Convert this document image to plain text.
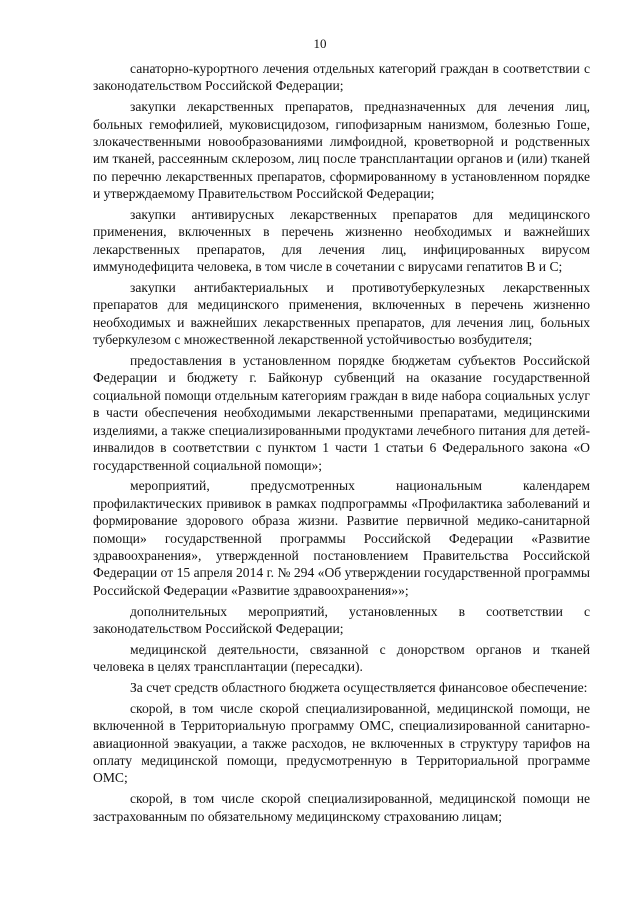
10

санаторно-курортного лечения отдельных категорий граждан в соответствии с законодательством Российской Федерации;

закупки лекарственных препаратов, предназначенных для лечения лиц, больных гемофилией, муковисцидозом, гипофизарным нанизмом, болезнью Гоше, злокачественными новообразованиями лимфоидной, кроветворной и родственных им тканей, рассеянным склерозом, лиц после трансплантации органов и (или) тканей по перечню лекарственных препаратов, сформированному в установленном порядке и утверждаемому Правительством Российской Федерации;

закупки антивирусных лекарственных препаратов для медицинского применения, включенных в перечень жизненно необходимых и важнейших лекарственных препаратов, для лечения лиц, инфицированных вирусом иммунодефицита человека, в том числе в сочетании с вирусами гепатитов B и C;

закупки антибактериальных и противотуберкулезных лекарственных препаратов для медицинского применения, включенных в перечень жизненно необходимых и важнейших лекарственных препаратов, для лечения лиц, больных туберкулезом с множественной лекарственной устойчивостью возбудителя;

предоставления в установленном порядке бюджетам субъектов Российской Федерации и бюджету г. Байконур субвенций на оказание государственной социальной помощи отдельным категориям граждан в виде набора социальных услуг в части обеспечения необходимыми лекарственными препаратами, медицинскими изделиями, а также специализированными продуктами лечебного питания для детей-инвалидов в соответствии с пунктом 1 части 1 статьи 6 Федерального закона «О государственной социальной помощи»;

мероприятий, предусмотренных национальным календарем профилактических прививок в рамках подпрограммы «Профилактика заболеваний и формирование здорового образа жизни. Развитие первичной медико-санитарной помощи» государственной программы Российской Федерации «Развитие здравоохранения», утвержденной постановлением Правительства Российской Федерации от 15 апреля 2014 г. № 294 «Об утверждении государственной программы Российской Федерации «Развитие здравоохранения»»;

дополнительных мероприятий, установленных в соответствии с законодательством Российской Федерации;

медицинской деятельности, связанной с донорством органов и тканей человека в целях трансплантации (пересадки).

За счет средств областного бюджета осуществляется финансовое обеспечение:

скорой, в том числе скорой специализированной, медицинской помощи, не включенной в Территориальную программу ОМС, специализированной санитарно-авиационной эвакуации, а также расходов, не включенных в структуру тарифов на оплату медицинской помощи, предусмотренную в Территориальной программе ОМС;

скорой, в том числе скорой специализированной, медицинской помощи не застрахованным по обязательному медицинскому страхованию лицам;
